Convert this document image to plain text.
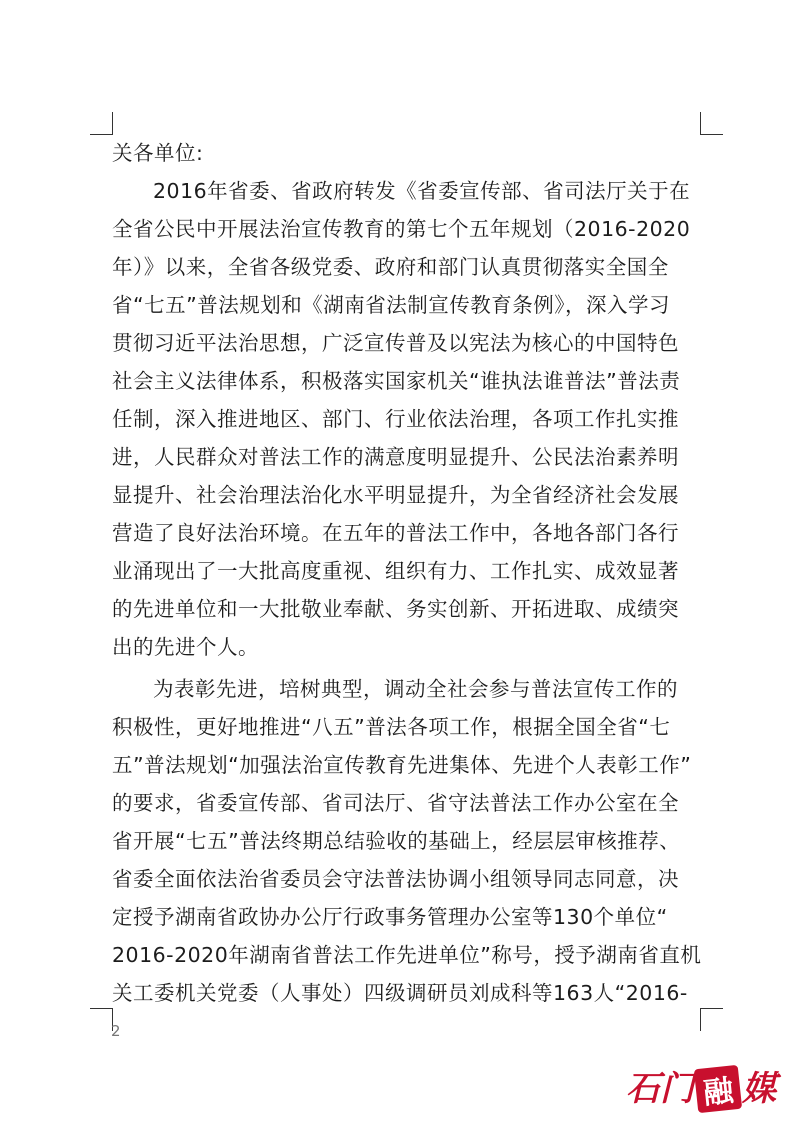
关各单位:
2016年省委、省政府转发《省委宣传部、省司法厅关于在
全省公民中开展法治宣传教育的第七个五年规划（2016-2020
年）》以来，全省各级党委、政府和部门认真贯彻落实全国全
省“七五”普法规划和《湖南省法制宣传教育条例》，深入学习
贯彻习近平法治思想，广泛宣传普及以宪法为核心的中国特色
社会主义法律体系，积极落实国家机关“谁执法谁普法”普法责
任制，深入推进地区、部门、行业依法治理，各项工作扎实推
进，人民群众对普法工作的满意度明显提升、公民法治素养明
显提升、社会治理法治化水平明显提升，为全省经济社会发展
营造了良好法治环境。在五年的普法工作中，各地各部门各行
业涌现出了一大批高度重视、组织有力、工作扎实、成效显著
的先进单位和一大批敬业奉献、务实创新、开拓进取、成绩突
出的先进个人。
为表彰先进，培树典型，调动全社会参与普法宣传工作的
积极性，更好地推进“八五”普法各项工作，根据全国全省“七
五”普法规划“加强法治宣传教育先进集体、先进个人表彰工作”
的要求，省委宣传部、省司法厅、省守法普法工作办公室在全
省开展“七五”普法终期总结验收的基础上，经层层审核推荐、
省委全面依法治省委员会守法普法协调小组领导同志同意，决
定授予湖南省政协办公厅行政事务管理办公室等130个单位“
2016-2020年湖南省普法工作先进单位”称号，授予湖南省直机
关工委机关党委（人事处）四级调研员刘成科等163人“2016-
2
石 门 融 媒
